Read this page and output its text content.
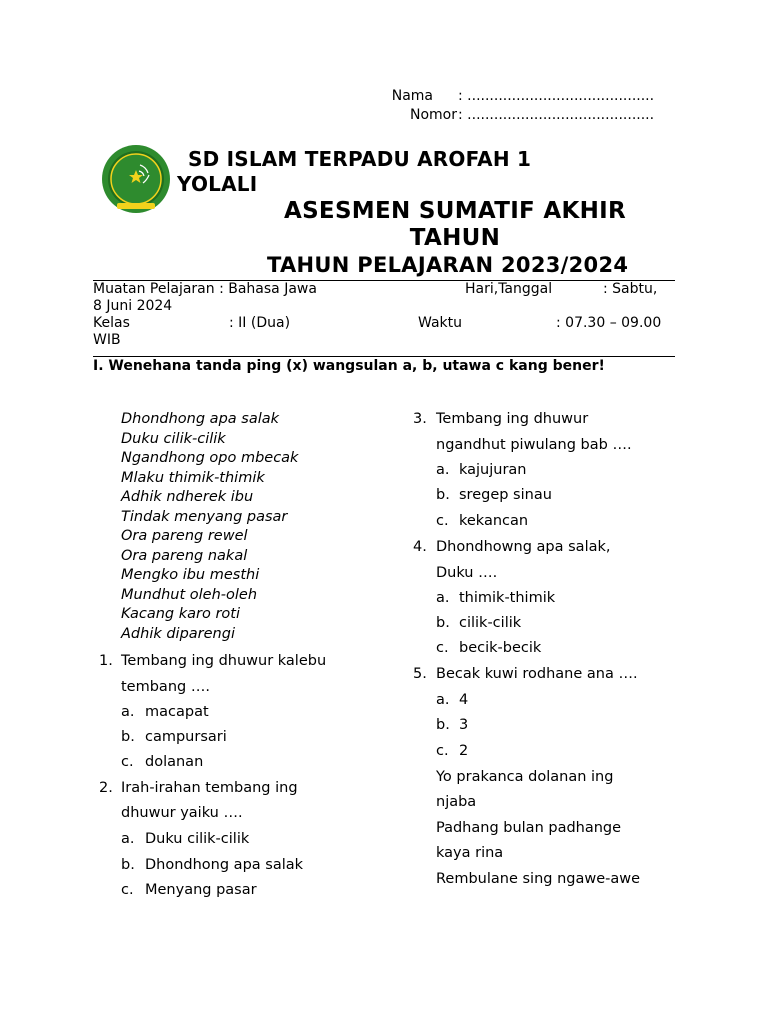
Nama : ..........................................
Nomor : ..........................................
SD ISLAM TERPADU AROFAH 1
YOLALI
ASESMEN SUMATIF AKHIR
TAHUN
TAHUN PELAJARAN 2023/2024
Muatan Pelajaran : Bahasa Jawa	Hari,Tanggal	: Sabtu,
8 Juni 2024
Kelas	: II (Dua)	Waktu	: 07.30 – 09.00
WIB
I. Wenehana tanda ping (x) wangsulan a, b, utawa c kang bener!
Dhondhong apa salak
Duku cilik-cilik
Ngandhong opo mbecak
Mlaku thimik-thimik
Adhik ndherek ibu
Tindak menyang pasar
Ora pareng rewel
Ora pareng nakal
Mengko ibu mesthi
Mundhut oleh-oleh
Kacang karo roti
Adhik diparengi
1. Tembang ing dhuwur kalebu
tembang ….
a. macapat
b. campursari
c. dolanan
2. Irah-irahan tembang ing
dhuwur yaiku ….
a. Duku cilik-cilik
b. Dhondhong apa salak
c. Menyang pasar
3. Tembang ing dhuwur
ngandhut piwulang bab ….
a. kajujuran
b. sregep sinau
c. kekancan
4. Dhondhowng apa salak,
Duku ….
a. thimik-thimik
b. cilik-cilik
c. becik-becik
5. Becak kuwi rodhane ana ….
a. 4
b. 3
c. 2
Yo prakanca dolanan ing
njaba
Padhang bulan padhange
kaya rina
Rembulane sing ngawe-awe
